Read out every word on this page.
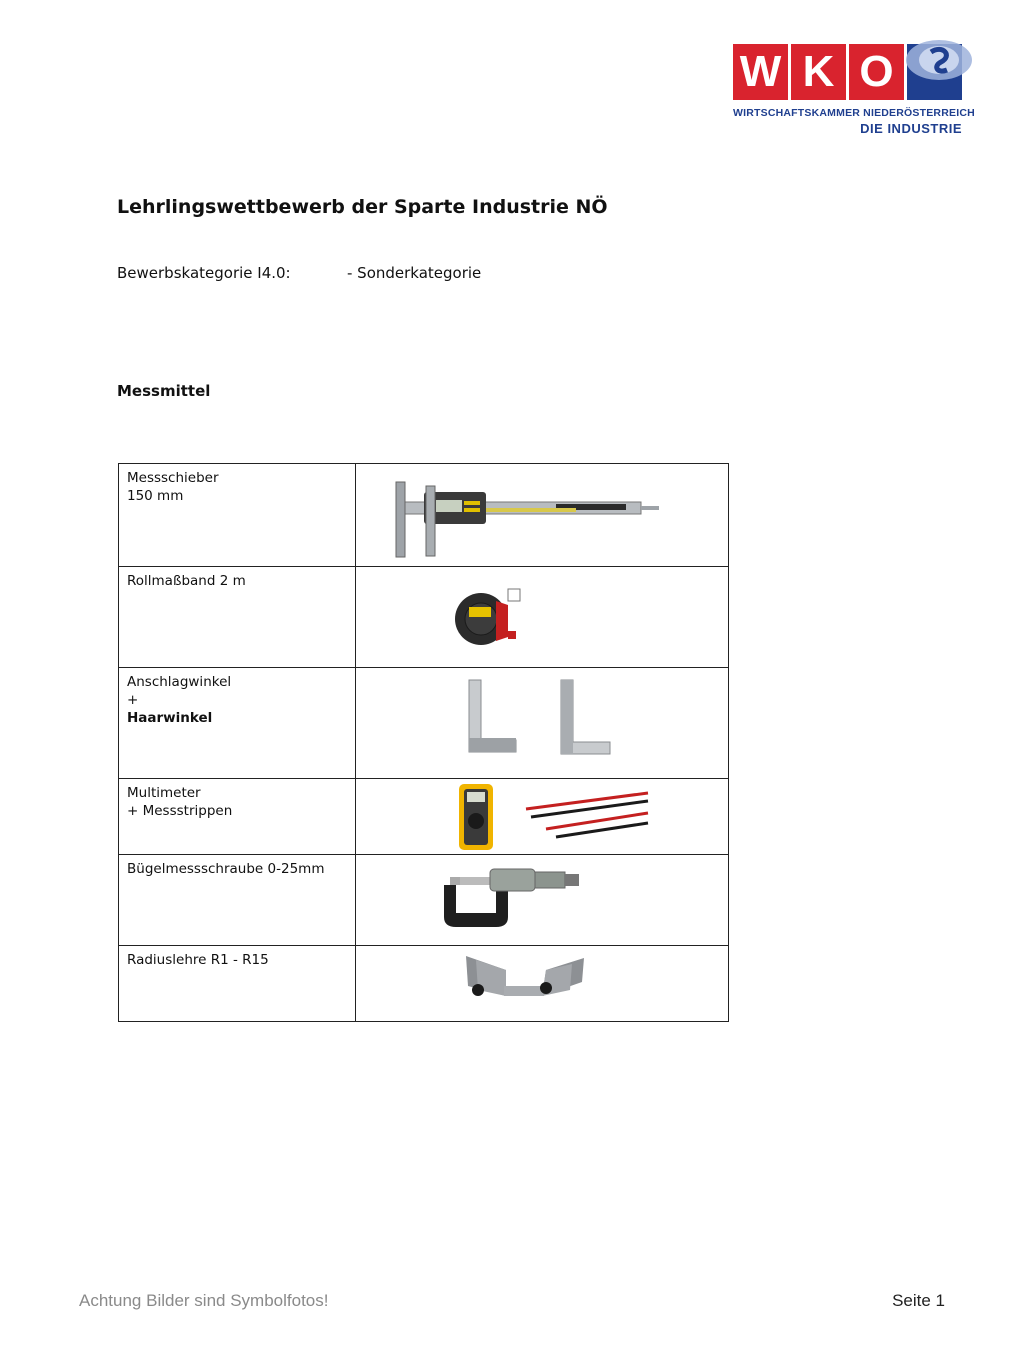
W K O
WIRTSCHAFTSKAMMER NIEDERÖSTERREICH
DIE INDUSTRIE
Lehrlingswettbewerb der Sparte Industrie NÖ
Bewerbskategorie I4.0:	- Sonderkategorie
Messmittel
Messschieber
150 mm

Rollmaßband 2 m

Anschlagwinkel
+
Haarwinkel

Multimeter
+ Messstrippen

Bügelmessschraube 0-25mm

Radiuslehre R1 - R15

Achtung Bilder sind Symbolfotos!	Seite 1
